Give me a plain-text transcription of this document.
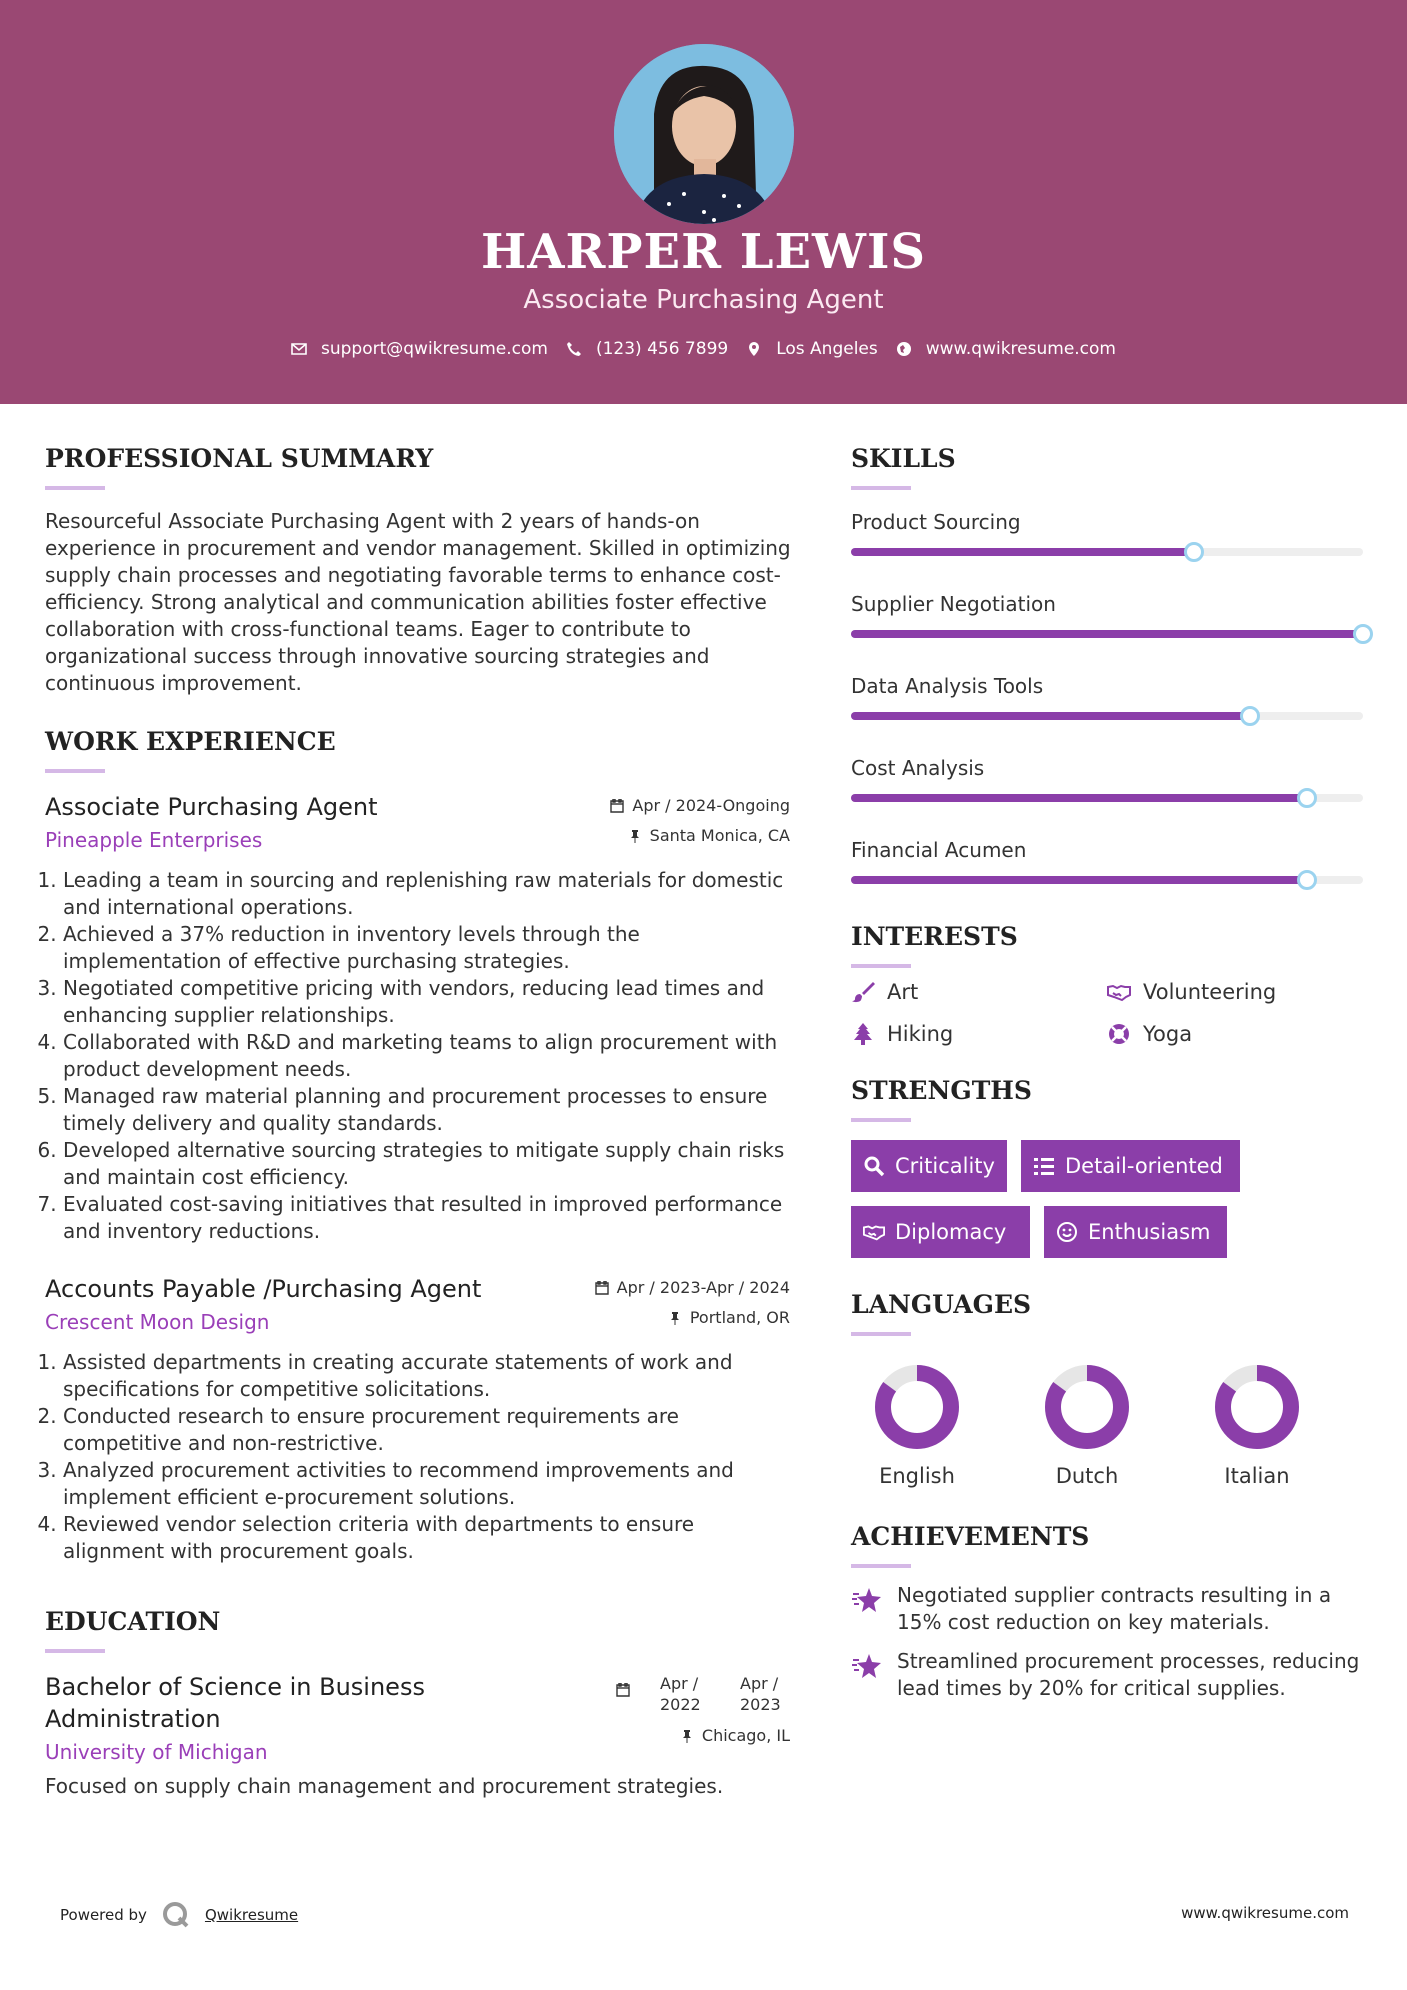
HARPER LEWIS
Associate Purchasing Agent
support@qwikresume.com	(123) 456 7899	Los Angeles	www.qwikresume.com
PROFESSIONAL SUMMARY

Resourceful Associate Purchasing Agent with 2 years of hands-on experience in procurement and vendor management. Skilled in optimizing supply chain processes and negotiating favorable terms to enhance cost-efficiency. Strong analytical and communication abilities foster effective collaboration with cross-functional teams. Eager to contribute to organizational success through innovative sourcing strategies and continuous improvement.

WORK EXPERIENCE
Associate Purchasing Agent
Pineapple Enterprises
Apr / 2024-Ongoing
Santa Monica, CA
1. Leading a team in sourcing and replenishing raw materials for domestic and international operations.
2. Achieved a 37% reduction in inventory levels through the implementation of effective purchasing strategies.
3. Negotiated competitive pricing with vendors, reducing lead times and enhancing supplier relationships.
4. Collaborated with R&D and marketing teams to align procurement with product development needs.
5. Managed raw material planning and procurement processes to ensure timely delivery and quality standards.
6. Developed alternative sourcing strategies to mitigate supply chain risks and maintain cost efficiency.
7. Evaluated cost-saving initiatives that resulted in improved performance and inventory reductions.
Accounts Payable /Purchasing Agent
Crescent Moon Design
Apr / 2023-Apr / 2024
Portland, OR
1. Assisted departments in creating accurate statements of work and specifications for competitive solicitations.
2. Conducted research to ensure procurement requirements are competitive and non-restrictive.
3. Analyzed procurement activities to recommend improvements and implement efficient e-procurement solutions.
4. Reviewed vendor selection criteria with departments to ensure alignment with procurement goals.
EDUCATION
Bachelor of Science in Business Administration
University of Michigan
Apr / 2022
Apr / 2023
Chicago, IL

Focused on supply chain management and procurement strategies.

SKILLS
Product Sourcing
Supplier Negotiation
Data Analysis Tools
Cost Analysis
Financial Acumen
INTERESTS
Art	Volunteering
Hiking	Yoga
STRENGTHS
Criticality	Detail-oriented
Diplomacy	Enthusiasm
LANGUAGES
English	Dutch	Italian
ACHIEVEMENTS
Negotiated supplier contracts resulting in a 15% cost reduction on key materials.
Streamlined procurement processes, reducing lead times by 20% for critical supplies.
Powered by	Qwikresume	www.qwikresume.com
